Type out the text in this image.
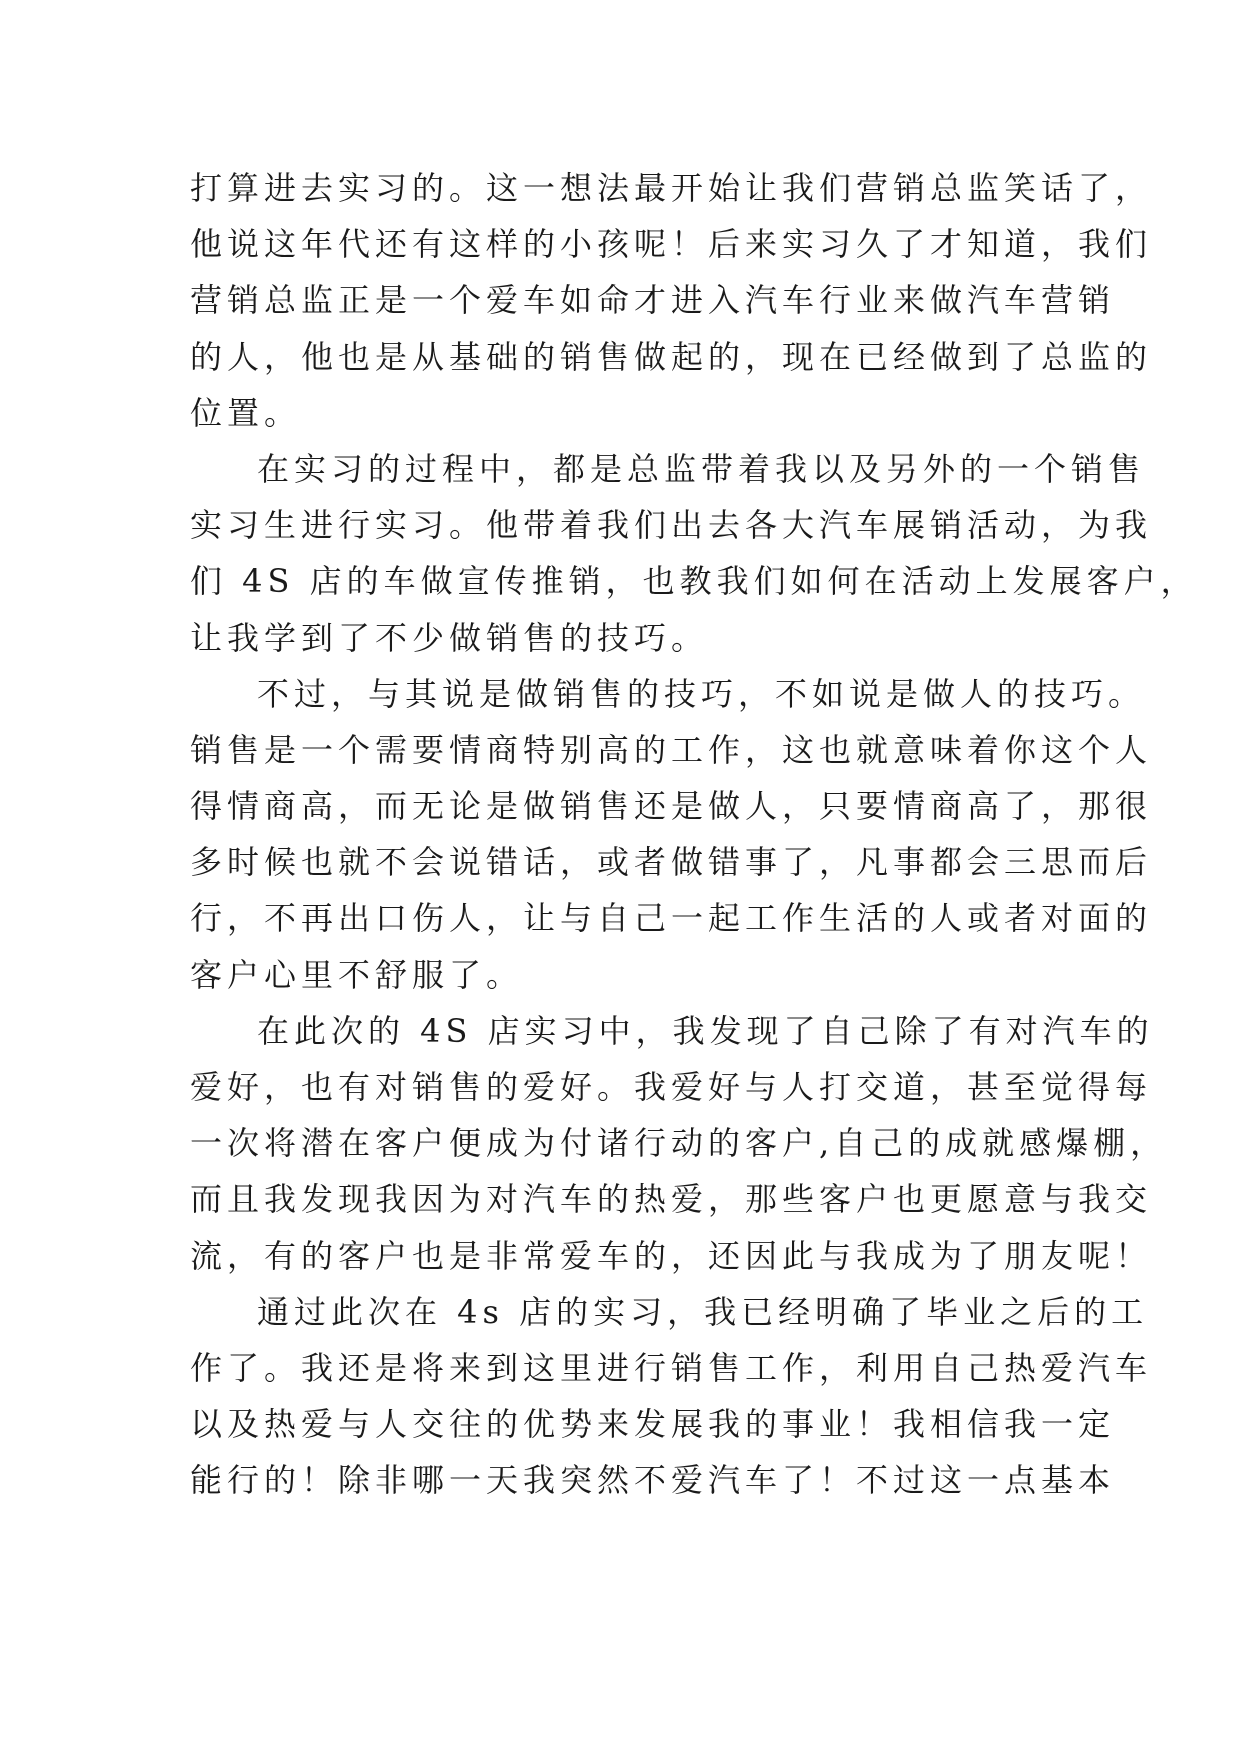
打算进去实习的。这一想法最开始让我们营销总监笑话了，
他说这年代还有这样的小孩呢！后来实习久了才知道，我们
营销总监正是一个爱车如命才进入汽车行业来做汽车营销
的人，他也是从基础的销售做起的，现在已经做到了总监的
位置。
在实习的过程中，都是总监带着我以及另外的一个销售
实习生进行实习。他带着我们出去各大汽车展销活动，为我
们 4S 店的车做宣传推销，也教我们如何在活动上发展客户，
让我学到了不少做销售的技巧。
不过，与其说是做销售的技巧，不如说是做人的技巧。
销售是一个需要情商特别高的工作，这也就意味着你这个人
得情商高，而无论是做销售还是做人，只要情商高了，那很
多时候也就不会说错话，或者做错事了，凡事都会三思而后
行，不再出口伤人，让与自己一起工作生活的人或者对面的
客户心里不舒服了。
在此次的 4S 店实习中，我发现了自己除了有对汽车的
爱好，也有对销售的爱好。我爱好与人打交道，甚至觉得每
一次将潜在客户便成为付诸行动的客户,自己的成就感爆棚，
而且我发现我因为对汽车的热爱，那些客户也更愿意与我交
流，有的客户也是非常爱车的，还因此与我成为了朋友呢！
通过此次在 4s 店的实习，我已经明确了毕业之后的工
作了。我还是将来到这里进行销售工作，利用自己热爱汽车
以及热爱与人交往的优势来发展我的事业！我相信我一定
能行的！除非哪一天我突然不爱汽车了！不过这一点基本
